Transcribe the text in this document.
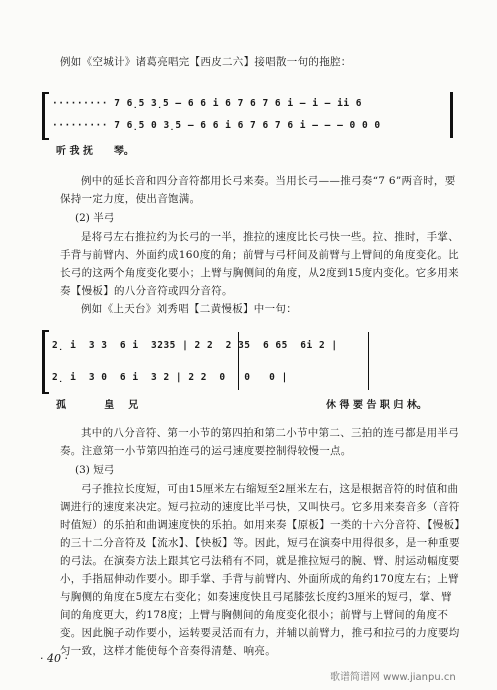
例如《空城计》诸葛亮唱完【西皮二六】接唱散一句的拖腔：

········· 7 6̣5 3̣5 – 6 6 i 6 7 6 7 6 i – i – ii 6
········· 7 6̣5 0 3̣5 – 6 6 i 6 7 6 7 6 i – – – 0 0 0
听 我 抚      琴。

例中的延长音和四分音符都用长弓来奏。当用长弓——推弓奏“7 6”两音时，要保持一定力度，使出音饱满。

(2) 半弓

是将弓左右推拉约为长弓的一半，推拉的速度比长弓快一些。拉、推时，手掌、手背与前臂内、外面约成160度的角；前臂与弓杆间及前臂与上臂间的角度变化。比长弓的这两个角度变化要小；上臂与胸侧间的角度，从2度到15度内变化。它多用来奏【慢板】的八分音符或四分音符。

例如《上天台》刘秀唱【二黄慢板】中一句：

2̣ i  3 3  6 i  3235 | 2 2  2 35  6 65  6i 2 |
2̣ i  3 0  6 i  3 2 | 2 2  0   0   0 |
孤           皇    兄	休 得 要 告 职 归 林。

其中的八分音符、第一小节的第四拍和第二小节中第二、三拍的连弓都是用半弓奏。注意第一小节第四拍连弓的运弓速度要控制得较慢一点。

(3) 短弓

弓子推拉长度短，可由15厘米左右缩短至2厘米左右，这是根据音符的时值和曲调进行的速度来决定。短弓拉动的速度比半弓快，又叫快弓。它多用来奏音多（音符时值短）的乐拍和曲调速度快的乐拍。如用来奏【原板】一类的十六分音符、【慢板】的三十二分音符及【流水】、【快板】等。因此，短弓在演奏中用得很多，是一种重要的弓法。在演奏方法上跟其它弓法稍有不同，就是推拉短弓的腕、臂、肘运动幅度要小，手指屈伸动作要小。即手掌、手背与前臂内、外面所成的角约170度左右；上臂与胸侧的角度在5度左右变化；如奏速度快且弓尾膝弦长度约3厘米的短弓，掌、臂间的角度更大，约178度；上臂与胸侧间的角度变化很小；前臂与上臂间的角度不变。因此腕子动作要小，运转要灵活而有力，并辅以前臂力，推弓和拉弓的力度要均匀一致，这样才能使每个音奏得清楚、响亮。

· 40 ·
歌谱简谱网 www.jianpu.cn
